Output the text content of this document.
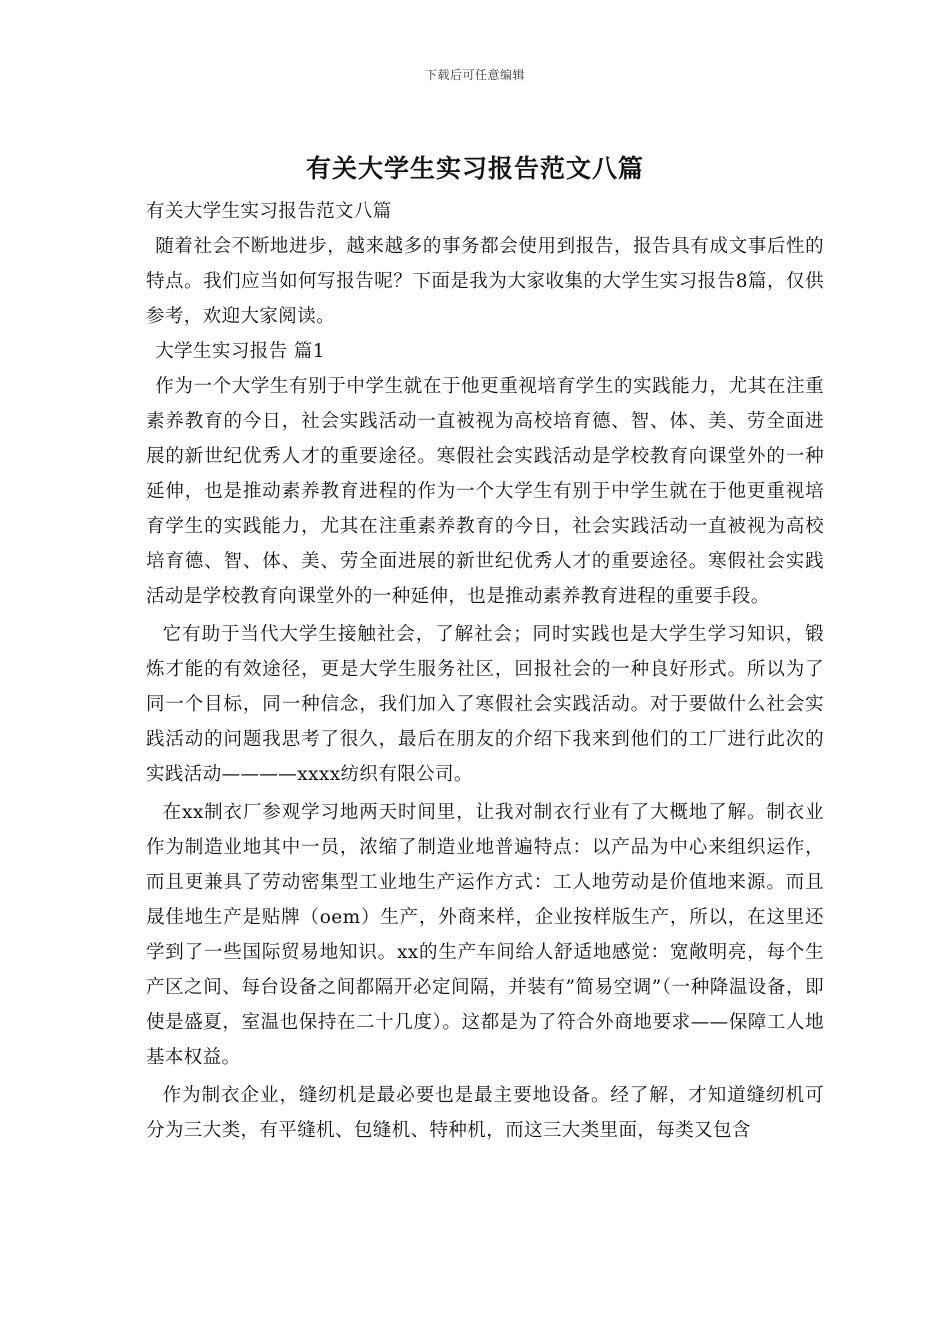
下载后可任意编辑
有关大学生实习报告范文八篇

有关大学生实习报告范文八篇

随着社会不断地进步，越来越多的事务都会使用到报告，报告具有成文事后性的特点。我们应当如何写报告呢？下面是我为大家收集的大学生实习报告8篇，仅供参考，欢迎大家阅读。

大学生实习报告 篇1

作为一个大学生有别于中学生就在于他更重视培育学生的实践能力，尤其在注重素养教育的今日，社会实践活动一直被视为高校培育德、智、体、美、劳全面进展的新世纪优秀人才的重要途径。寒假社会实践活动是学校教育向课堂外的一种延伸，也是推动素养教育进程的作为一个大学生有别于中学生就在于他更重视培育学生的实践能力，尤其在注重素养教育的今日，社会实践活动一直被视为高校培育德、智、体、美、劳全面进展的新世纪优秀人才的重要途径。寒假社会实践活动是学校教育向课堂外的一种延伸，也是推动素养教育进程的重要手段。

它有助于当代大学生接触社会，了解社会；同时实践也是大学生学习知识，锻炼才能的有效途径，更是大学生服务社区，回报社会的一种良好形式。所以为了同一个目标，同一种信念，我们加入了寒假社会实践活动。对于要做什么社会实践活动的问题我思考了很久，最后在朋友的介绍下我来到他们的工厂进行此次的实践活动————xxxx纺织有限公司。

在xx制衣厂参观学习地两天时间里，让我对制衣行业有了大概地了解。制衣业作为制造业地其中一员，浓缩了制造业地普遍特点：以产品为中心来组织运作，而且更兼具了劳动密集型工业地生产运作方式：工人地劳动是价值地来源。而且晟佳地生产是贴牌（oem）生产，外商来样，企业按样版生产，所以，在这里还学到了一些国际贸易地知识。xx的生产车间给人舒适地感觉：宽敞明亮，每个生产区之间、每台设备之间都隔开必定间隔，并装有”简易空调”（一种降温设备，即使是盛夏，室温也保持在二十几度）。这都是为了符合外商地要求——保障工人地基本权益。

作为制衣企业，缝纫机是最必要也是最主要地设备。经了解，才知道缝纫机可分为三大类，有平缝机、包缝机、特种机，而这三大类里面，每类又包含
